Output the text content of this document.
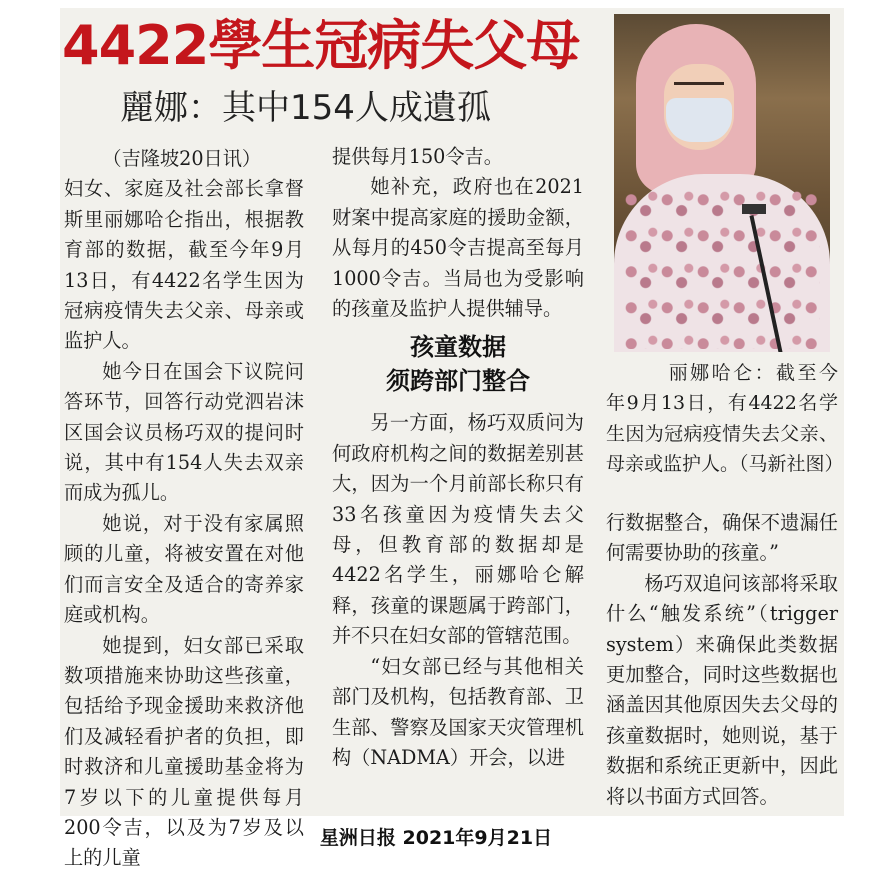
4422學生冠病失父母
麗娜：其中154人成遺孤

（吉隆坡20日讯）

妇女、家庭及社会部长拿督斯里丽娜哈仑指出，根据教育部的数据，截至今年9月13日，有4422名学生因为冠病疫情失去父亲、母亲或监护人。

她今日在国会下议院问答环节，回答行动党泗岩沫区国会议员杨巧双的提问时说，其中有154人失去双亲而成为孤儿。

她说，对于没有家属照顾的儿童，将被安置在对他们而言安全及适合的寄养家庭或机构。

她提到，妇女部已采取数项措施来协助这些孩童，包括给予现金援助来救济他们及减轻看护者的负担，即时救济和儿童援助基金将为7岁以下的儿童提供每月200令吉，以及为7岁及以上的儿童

提供每月150令吉。

她补充，政府也在2021财案中提高家庭的援助金额，从每月的450令吉提高至每月1000令吉。当局也为受影响的孩童及监护人提供辅导。

孩童数据
须跨部门整合

另一方面，杨巧双质问为何政府机构之间的数据差别甚大，因为一个月前部长称只有33名孩童因为疫情失去父母，但教育部的数据却是4422名学生，丽娜哈仑解释，孩童的课题属于跨部门，并不只在妇女部的管辖范围。

“妇女部已经与其他相关部门及机构，包括教育部、卫生部、警察及国家天灾管理机构（NADMA）开会，以进

丽娜哈仑：截至今年9月13日，有4422名学生因为冠病疫情失去父亲、母亲或监护人。（马新社图）

行数据整合，确保不遗漏任何需要协助的孩童。”

杨巧双追问该部将采取什么“触发系统”（trigger system）来确保此类数据更加整合，同时这些数据也涵盖因其他原因失去父母的孩童数据时，她则说，基于数据和系统正更新中，因此将以书面方式回答。

星洲日报 2021年9月21日
